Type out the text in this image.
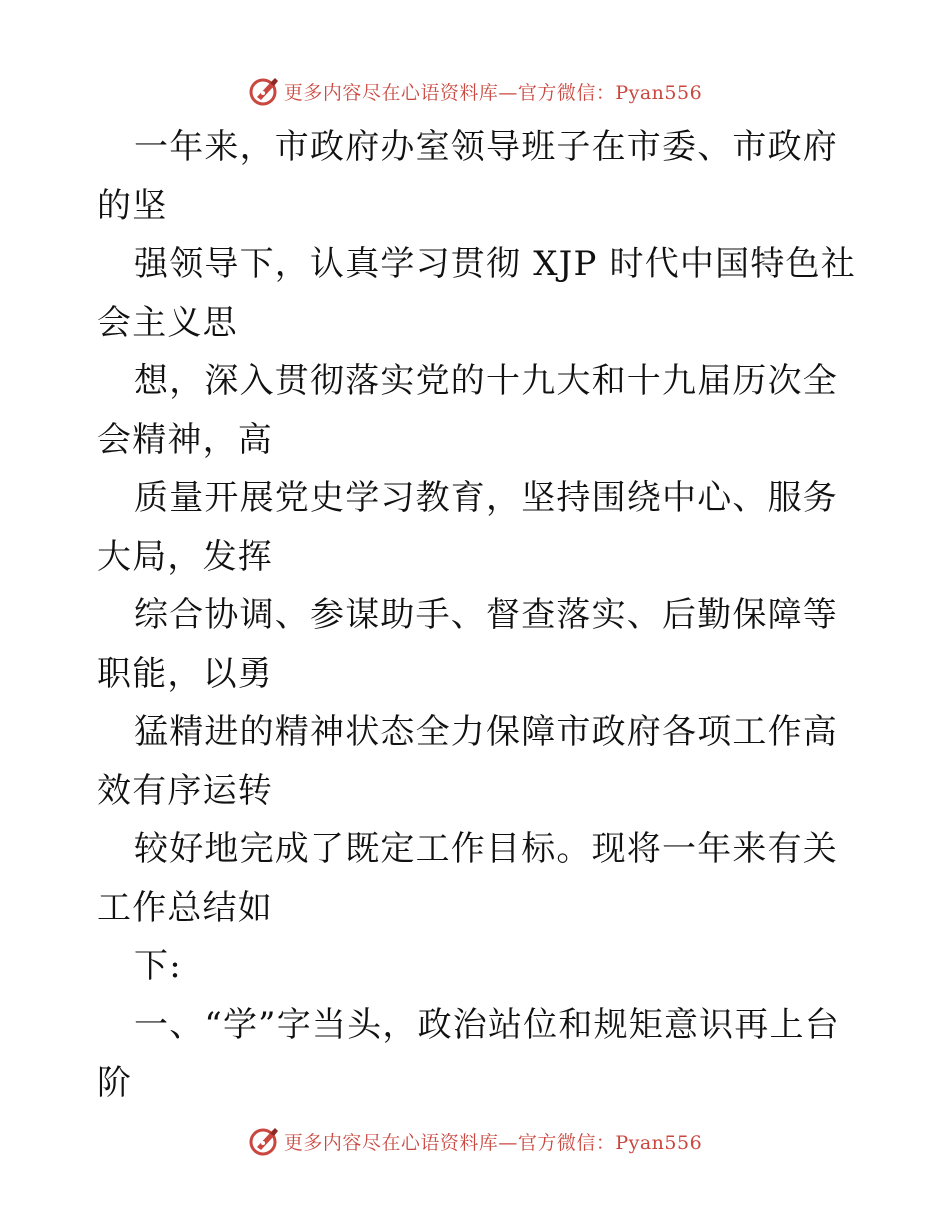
更多内容尽在心语资料库—官方微信：Pyan556

一年来，市政府办室领导班子在市委、市政府的坚

强领导下，认真学习贯彻 XJP 时代中国特色社会主义思

想，深入贯彻落实党的十九大和十九届历次全会精神，高

质量开展党史学习教育，坚持围绕中心、服务大局，发挥

综合协调、参谋助手、督查落实、后勤保障等职能，以勇

猛精进的精神状态全力保障市政府各项工作高效有序运转

较好地完成了既定工作目标。现将一年来有关工作总结如

下:

一、“学”字当头，政治站位和规矩意识再上台阶

更多内容尽在心语资料库—官方微信：Pyan556
